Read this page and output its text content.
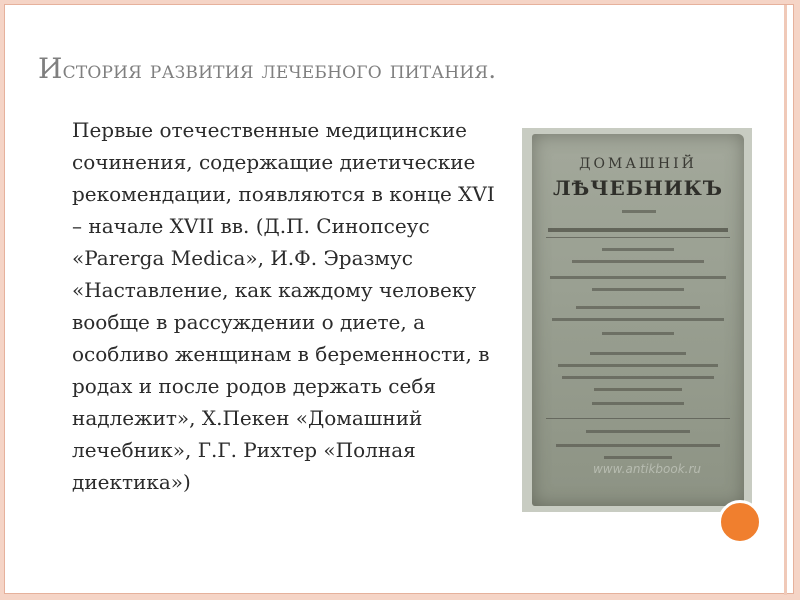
История развития лечебного питания.

Первые отечественные медицинские сочинения, содержащие диетические рекомендации, появляются в конце XVI – начале XVII вв. (Д.П. Синопсеус «Parerga Medica», И.Ф. Эразмус «Наставление, как каждому человеку вообще в рассуждении о диете, а особливо женщинам в беременности, в родах и после родов держать себя надлежит», Х.Пекен «Домашний лечебник», Г.Г. Рихтер «Полная диектика»)
ДОМАШНІЙ
ЛѢЧЕБНИКЪ
www.antikbook.ru
